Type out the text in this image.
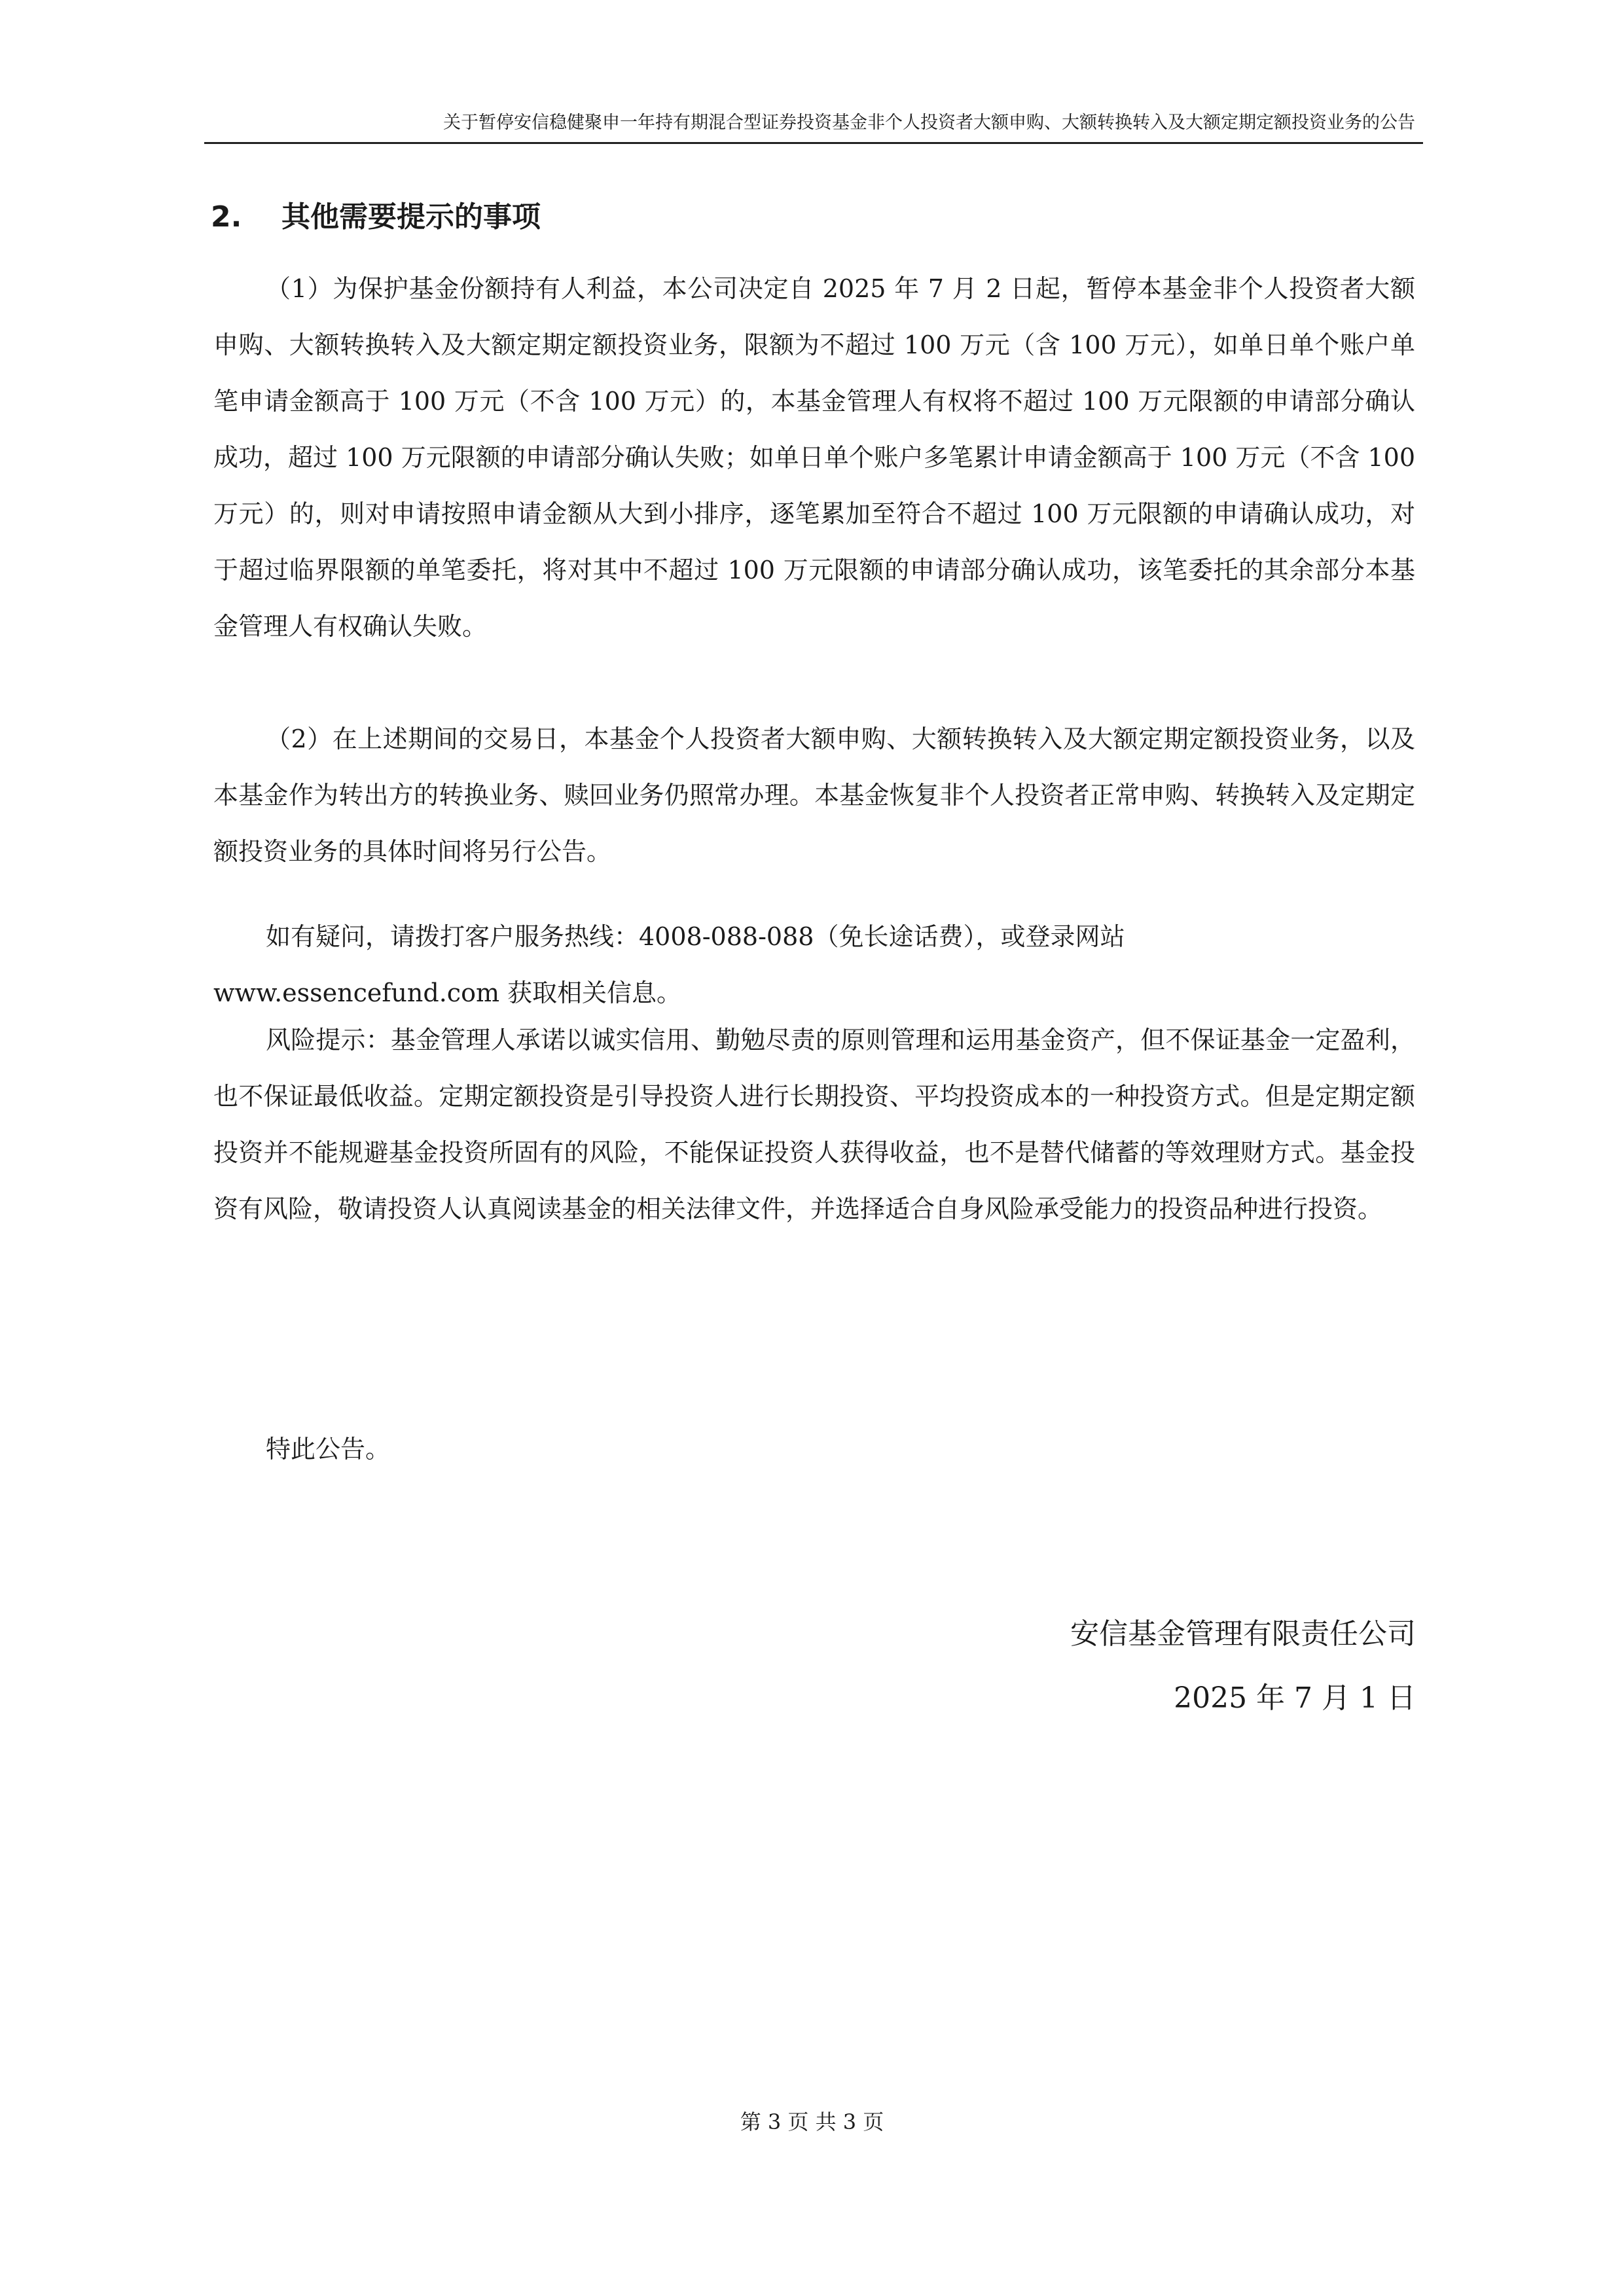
关于暂停安信稳健聚申一年持有期混合型证券投资基金非个人投资者大额申购、大额转换转入及大额定期定额投资业务的公告
2. 其他需要提示的事项

（1）为保护基金份额持有人利益，本公司决定自 2025 年 7 月 2 日起，暂停本基金非个人投资者大额申购、大额转换转入及大额定期定额投资业务，限额为不超过 100 万元（含 100 万元），如单日单个账户单笔申请金额高于 100 万元（不含 100 万元）的，本基金管理人有权将不超过 100 万元限额的申请部分确认成功，超过 100 万元限额的申请部分确认失败；如单日单个账户多笔累计申请金额高于 100 万元（不含 100 万元）的，则对申请按照申请金额从大到小排序，逐笔累加至符合不超过 100 万元限额的申请确认成功，对于超过临界限额的单笔委托，将对其中不超过 100 万元限额的申请部分确认成功，该笔委托的其余部分本基金管理人有权确认失败。

（2）在上述期间的交易日，本基金个人投资者大额申购、大额转换转入及大额定期定额投资业务，以及本基金作为转出方的转换业务、赎回业务仍照常办理。本基金恢复非个人投资者正常申购、转换转入及定期定额投资业务的具体时间将另行公告。

如有疑问，请拨打客户服务热线：4008-088-088（免长途话费），或登录网站
www.essencefund.com 获取相关信息。

风险提示：基金管理人承诺以诚实信用、勤勉尽责的原则管理和运用基金资产，但不保证基金一定盈利，也不保证最低收益。定期定额投资是引导投资人进行长期投资、平均投资成本的一种投资方式。但是定期定额投资并不能规避基金投资所固有的风险，不能保证投资人获得收益，也不是替代储蓄的等效理财方式。基金投资有风险，敬请投资人认真阅读基金的相关法律文件，并选择适合自身风险承受能力的投资品种进行投资。

特此公告。
安信基金管理有限责任公司
2025 年 7 月 1 日
第 3 页 共 3 页
